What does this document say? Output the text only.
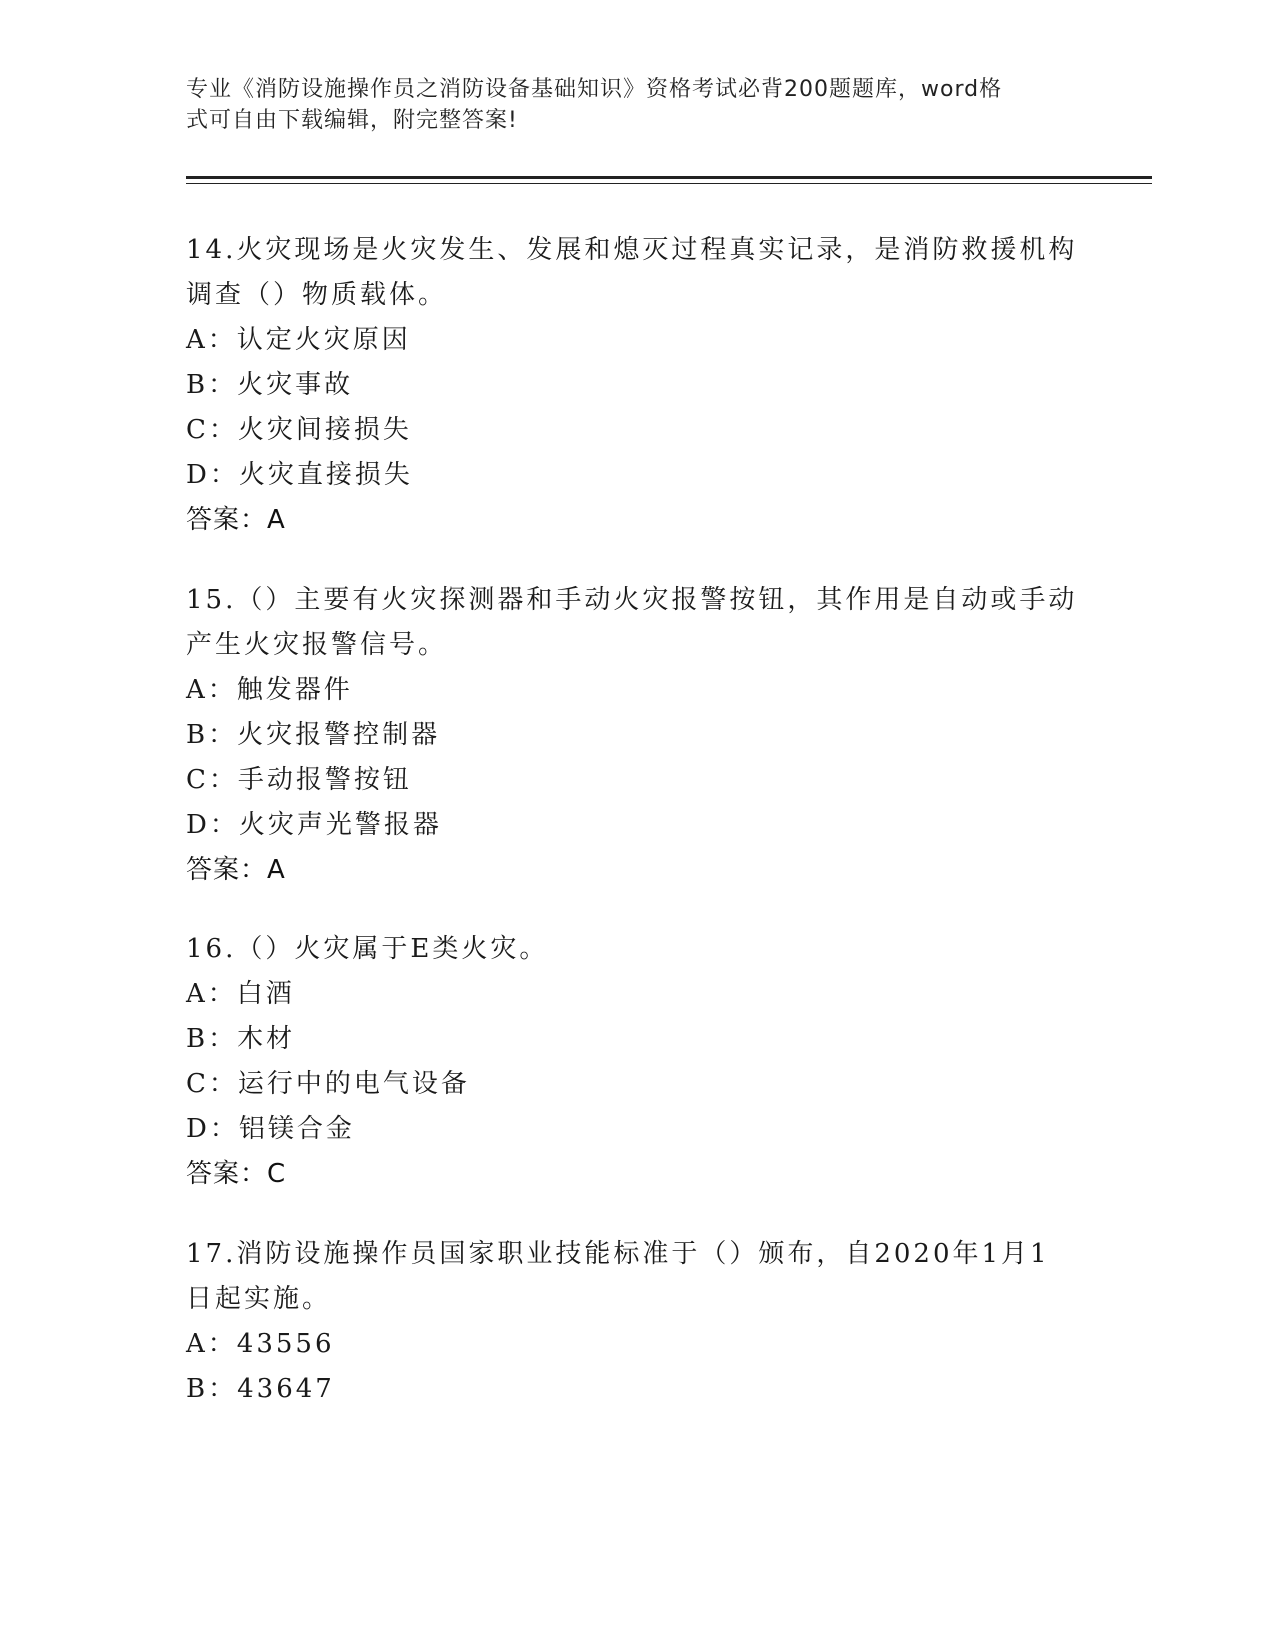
专业《消防设施操作员之消防设备基础知识》资格考试必背200题题库，word格
式可自由下载编辑，附完整答案!

14.火灾现场是火灾发生、发展和熄灭过程真实记录，是消防救援机构

调查（）物质载体。

A：认定火灾原因

B：火灾事故

C：火灾间接损失

D：火灾直接损失

答案：A

15.（）主要有火灾探测器和手动火灾报警按钮，其作用是自动或手动

产生火灾报警信号。

A：触发器件

B：火灾报警控制器

C：手动报警按钮

D：火灾声光警报器

答案：A

16.（）火灾属于E类火灾。

A：白酒

B：木材

C：运行中的电气设备

D：铝镁合金

答案：C

17.消防设施操作员国家职业技能标准于（）颁布，自2020年1月1

日起实施。

A：43556

B：43647
